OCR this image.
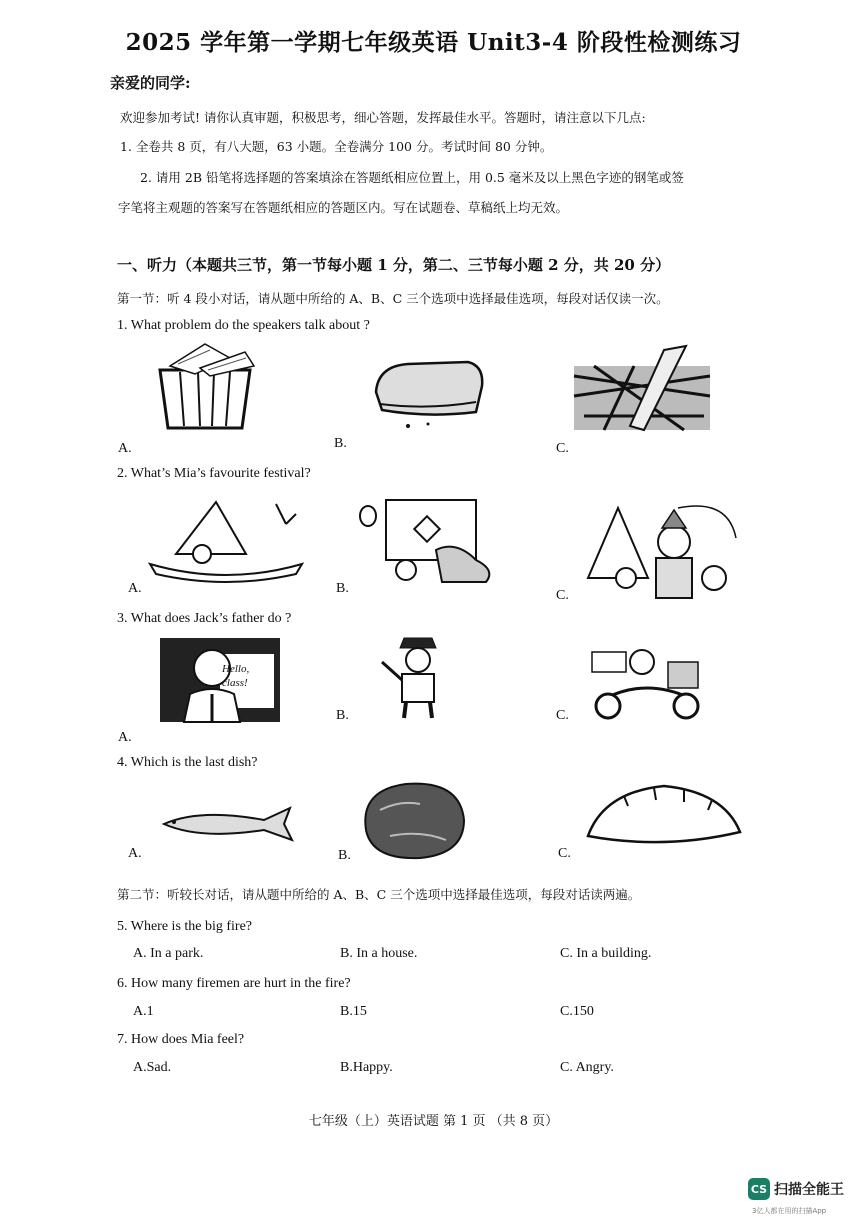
2025 学年第一学期七年级英语 Unit3-4 阶段性检测练习
亲爱的同学:
欢迎参加考试! 请你认真审题，积极思考，细心答题，发挥最佳水平。答题时，请注意以下几点:
1. 全卷共 8 页，有八大题，63 小题。全卷满分 100 分。考试时间 80 分钟。
2. 请用 2B 铅笔将选择题的答案填涂在答题纸相应位置上，用 0.5 毫米及以上黑色字迹的钢笔或签
字笔将主观题的答案写在答题纸相应的答题区内。写在试题卷、草稿纸上均无效。
一、听力（本题共三节，第一节每小题 1 分，第二、三节每小题 2 分，共 20 分）
第一节：听 4 段小对话，请从题中所给的 A、B、C 三个选项中选择最佳选项，每段对话仅读一次。
1. What problem do the speakers talk about ?
A.	B.	C.
2. What’s Mia’s favourite festival?
A.	B.	C.
3. What does Jack’s father do ?
Hello, class!
A.
B.	C.
4. Which is the last dish?
A.	B.	C.
第二节：听较长对话，请从题中所给的 A、B、C 三个选项中选择最佳选项，每段对话读两遍。
5. Where is the big fire?
A. In a park.	B. In a house.	C. In a building.
6. How many firemen are hurt in the fire?
A.1	B.15	C.150
7. How does Mia feel?
A.Sad.	B.Happy.	C. Angry.
七年级（上）英语试题 第 1 页 （共 8 页）
CS 扫描全能王
3亿人都在用的扫描App
